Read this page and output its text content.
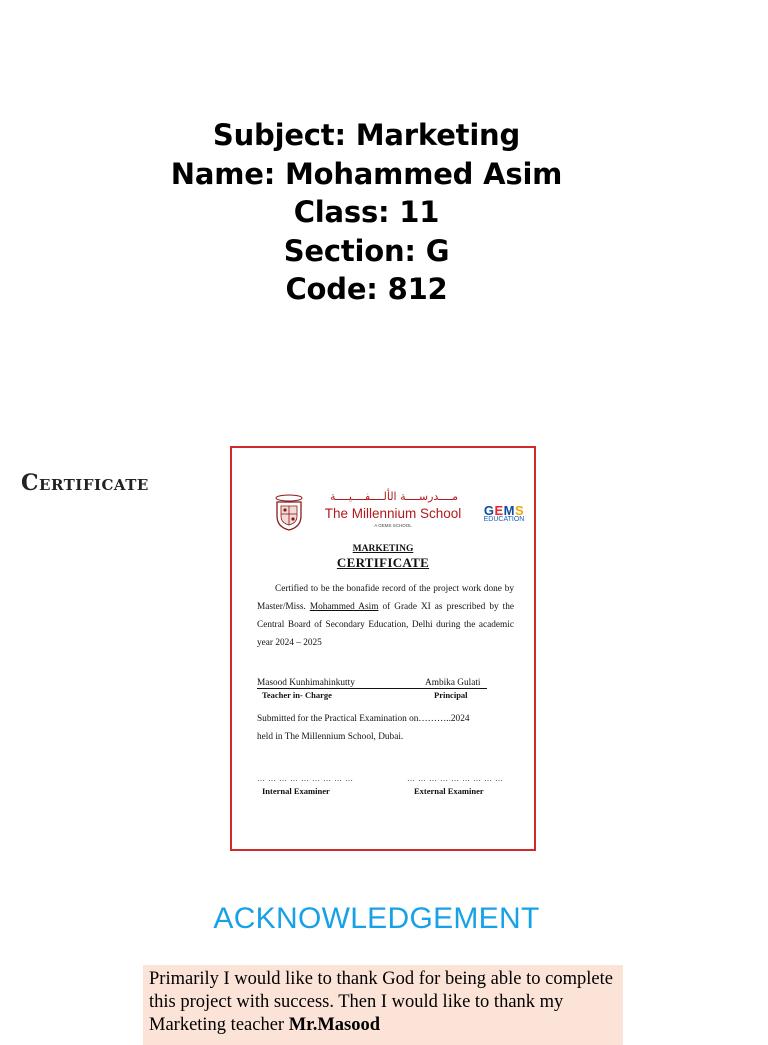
Subject: Marketing
Name: Mohammed Asim
Class: 11
Section: G
Code: 812
Certificate
مــــدرســــة الألــــفــــيــــة
The Millennium School
A GEMS SCHOOL
GEMS
EDUCATION
MARKETING
CERTIFICATE

Certified to be the bonafide record of the project work done by Master/Miss. Mohammed Asim of Grade XI as prescribed by the Central Board of Secondary Education, Delhi during the academic year 2024 – 2025

Masood Kunhimahinkutty	Ambika Gulati
Teacher in- Charge	Principal

Submitted for the Practical Examination on………..2024

held in The Millennium School, Dubai.

… … … … … … … … …	… … … … … … … … …
Internal Examiner	External Examiner
ACKNOWLEDGEMENT

Primarily I would like to thank God for being able to complete this project with success. Then I would like to thank my Marketing teacher Mr.Masood
